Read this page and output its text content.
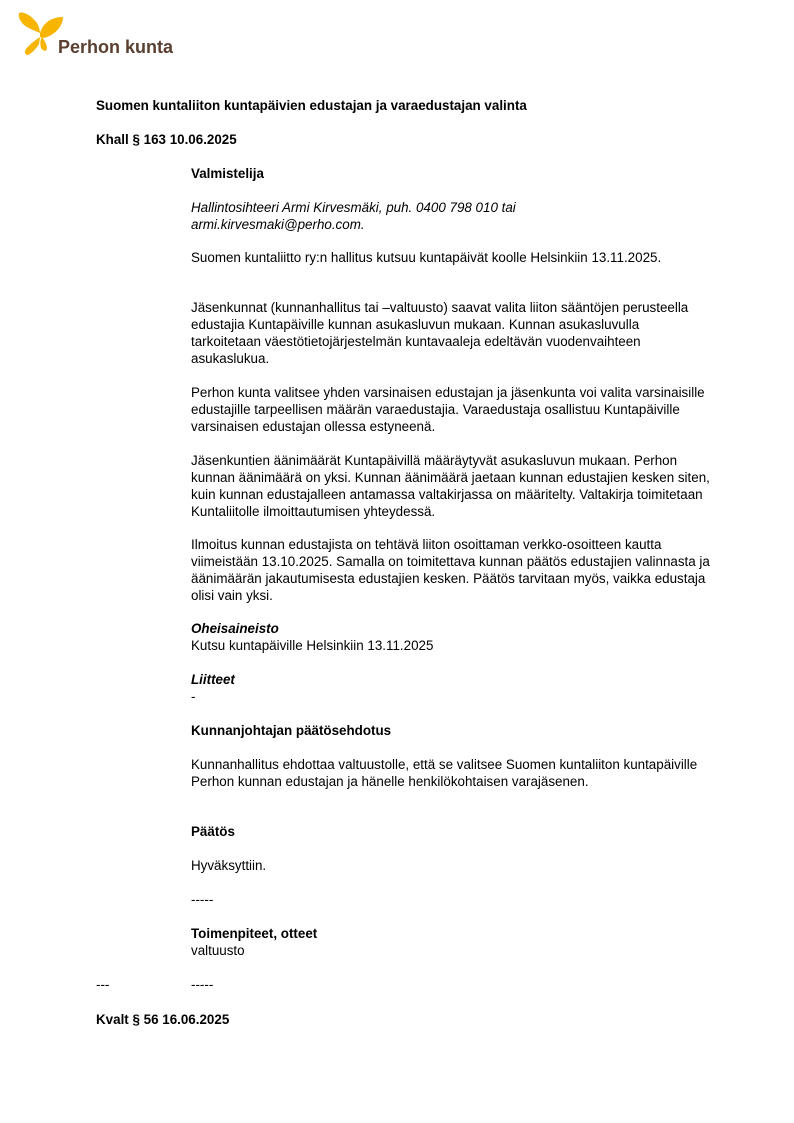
Perhon kunta
Suomen kuntaliiton kuntapäivien edustajan ja varaedustajan valinta
Khall § 163 10.06.2025

Valmistelija

Hallintosihteeri Armi Kirvesmäki, puh. 0400 798 010 tai

armi.kirvesmaki@perho.com.

Suomen kuntaliitto ry:n hallitus kutsuu kuntapäivät koolle Helsinkiin 13.11.2025.

Jäsenkunnat (kunnanhallitus tai –valtuusto) saavat valita liiton sääntöjen perusteella edustajia Kuntapäiville kunnan asukasluvun mukaan. Kunnan asukasluvulla tarkoitetaan väestötietojärjestelmän kuntavaaleja edeltävän vuodenvaihteen asukaslukua.

Perhon kunta valitsee yhden varsinaisen edustajan ja jäsenkunta voi valita varsinaisille edustajille tarpeellisen määrän varaedustajia. Varaedustaja osallistuu Kuntapäiville varsinaisen edustajan ollessa estyneenä.

Jäsenkuntien äänimäärät Kuntapäivillä määräytyvät asukasluvun mukaan. Perhon kunnan äänimäärä on yksi. Kunnan äänimäärä jaetaan kunnan edustajien kesken siten, kuin kunnan edustajalleen antamassa valtakirjassa on määritelty. Valtakirja toimitetaan Kuntaliitolle ilmoittautumisen yhteydessä.

Ilmoitus kunnan edustajista on tehtävä liiton osoittaman verkko-osoitteen kautta viimeistään 13.10.2025. Samalla on toimitettava kunnan päätös edustajien valinnasta ja äänimäärän jakautumisesta edustajien kesken. Päätös tarvitaan myös, vaikka edustaja olisi vain yksi.

Oheisaineisto

Kutsu kuntapäiville Helsinkiin 13.11.2025

Liitteet

-

Kunnanjohtajan päätösehdotus

Kunnanhallitus ehdottaa valtuustolle, että se valitsee Suomen kuntaliiton kuntapäiville Perhon kunnan edustajan ja hänelle henkilökohtaisen varajäsenen.

Päätös

Hyväksyttiin.

-----

Toimenpiteet, otteet

valtuusto

---	-----

Kvalt § 56 16.06.2025
